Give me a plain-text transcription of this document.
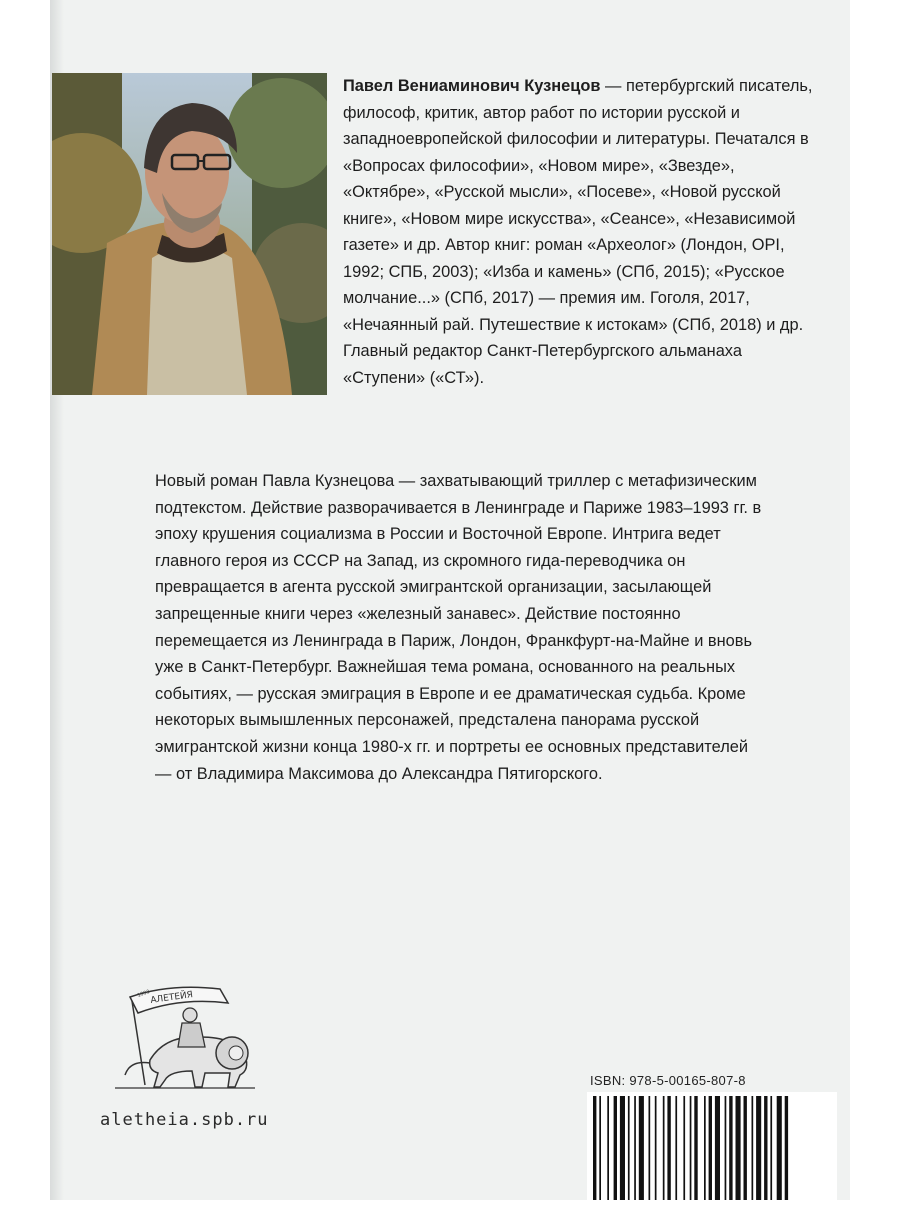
Павел Вениаминович Кузнецов — петербургский писатель, философ, критик, автор работ по истории русской и западноевропейской философии и литературы. Печатался в «Вопросах философии», «Новом мире», «Звезде», «Октябре», «Русской мысли», «Посеве», «Новой русской книге», «Новом мире искусства», «Сеансе», «Независимой газете» и др. Автор книг: роман «Археолог» (Лондон, OPI, 1992; СПБ, 2003); «Изба и камень» (СПб, 2015); «Русское молчание...» (СПб, 2017) — премия им. Гоголя, 2017, «Нечаянный рай. Путешествие к истокам» (СПб, 2018) и др. Главный редактор Санкт-Петербургского альманаха «Ступени» («СТ»).

Новый роман Павла Кузнецова — захватывающий триллер с метафизическим подтекстом. Действие разворачивается в Ленинграде и Париже 1983–1993 гг. в эпоху крушения социализма в России и Восточной Европе. Интрига ведет главного героя из СССР на Запад, из скромного гида-переводчика он превращается в агента русской эмигрантской организации, засылающей запрещенные книги через «железный занавес». Действие постоянно перемещается из Ленинграда в Париж, Лондон, Франкфурт-на-Майне и вновь уже в Санкт-Петербург. Важнейшая тема романа, основанного на реальных событиях, — русская эмиграция в Европе и ее драматическая судьба. Кроме некоторых вымышленных персонажей, предсталена панорама русской эмигрантской жизни конца 1980-х гг. и портреты ее основных представителей — от Владимира Максимова до Александра Пятигорского.

АЛЕТЕЙЯ
1993
aletheia.spb.ru
ISBN: 978-5-00165-807-8
